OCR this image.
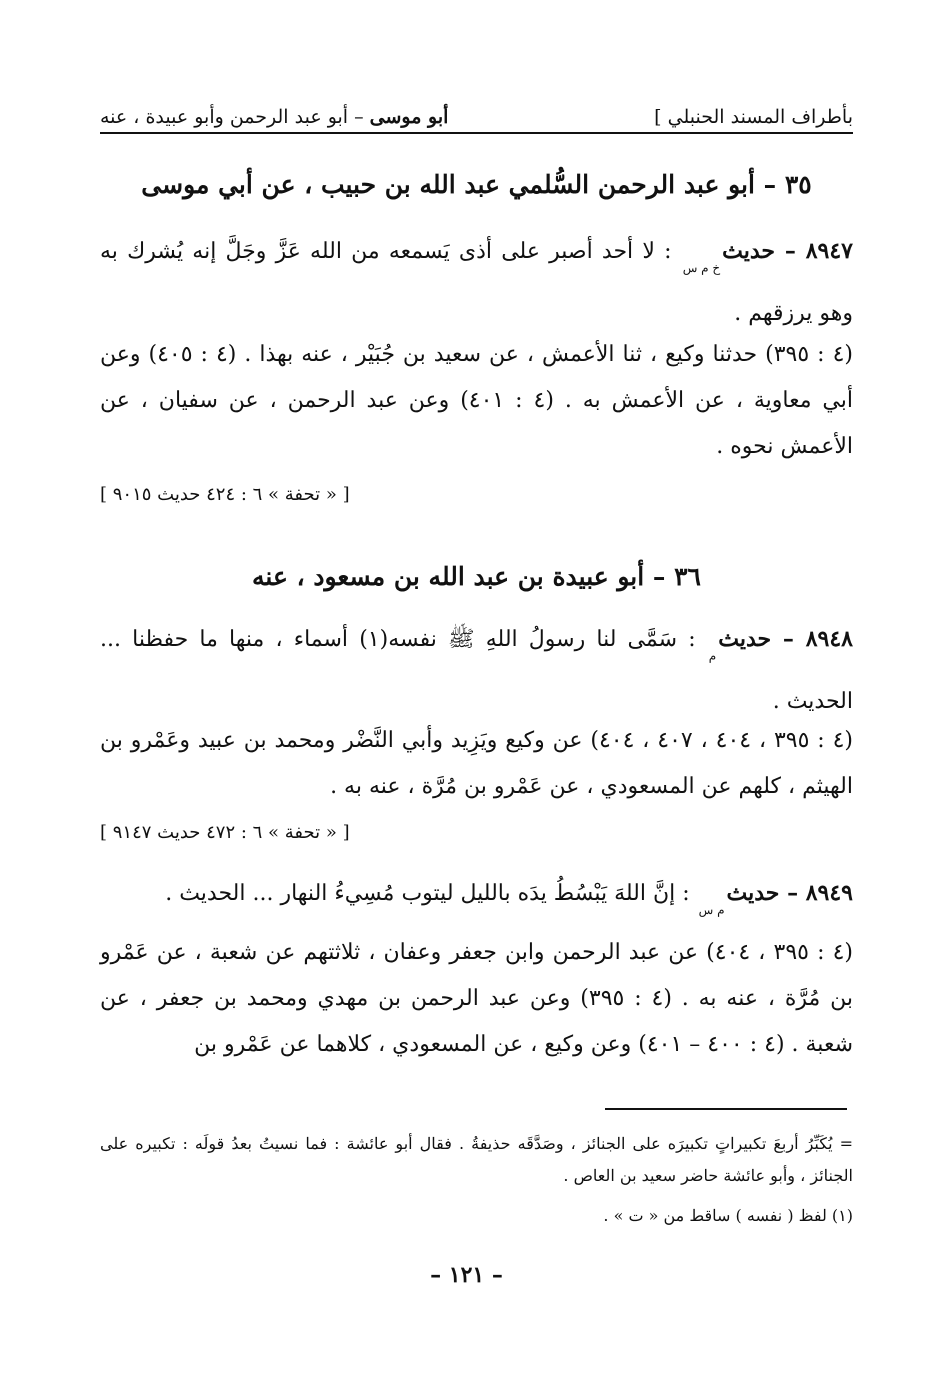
بأطراف المسند الحنبلي ]
أبو موسى – أبو عبد الرحمن وأبو عبيدة ، عنه
٣٥ – أبو عبد الرحمن السُّلمي عبد الله بن حبيب ، عن أبي موسى
٨٩٤٧ – حديثخ م س : لا أحد أصبر على أذى يَسمعه من الله عَزَّ وجَلَّ إنه يُشرك به وهو يرزقهم .
(٤ : ٣٩٥) حدثنا وكيع ، ثنا الأعمش ، عن سعيد بن جُبَيْر ، عنه بهذا . (٤ : ٤٠٥) وعن أبي معاوية ، عن الأعمش به . (٤ : ٤٠١) وعن عبد الرحمن ، عن سفيان ، عن الأعمش نحوه .
[ « تحفة » ٦ : ٤٢٤ حديث ٩٠١٥ ]
٣٦ – أبو عبيدة بن عبد الله بن مسعود ، عنه
٨٩٤٨ – حديثم : سَمَّى لنا رسولُ اللهِ ﷺ نفسه(١) أسماء ، منها ما حفظنا ... الحديث .
(٤ : ٣٩٥ ، ٤٠٤ ، ٤٠٧ ، ٤٠٤) عن وكيع ويَزِيد وأبي النَّضْر ومحمد بن عبيد وعَمْرو بن الهيثم ، كلهم عن المسعودي ، عن عَمْرو بن مُرَّة ، عنه به .
[ « تحفة » ٦ : ٤٧٢ حديث ٩١٤٧ ]
٨٩٤٩ – حديثم س : إنَّ اللهَ يَبْسُطُ يدَه بالليل ليتوب مُسِيءُ النهار ... الحديث .
(٤ : ٣٩٥ ، ٤٠٤) عن عبد الرحمن وابن جعفر وعفان ، ثلاثتهم عن شعبة ، عن عَمْرو بن مُرَّة ، عنه به . (٤ : ٣٩٥) وعن عبد الرحمن بن مهدي ومحمد بن جعفر ، عن شعبة . (٤ : ٤٠٠ – ٤٠١) وعن وكيع ، عن المسعودي ، كلاهما عن عَمْرو بن
= يُكَبِّرُ أربعَ تكبيراتٍ تكبيرَه على الجنائز ، وصَدَّقَه حذيفةُ . فقال أبو عائشة : فما نسيتُ بعدُ قولَه : تكبيره على الجنائز ، وأبو عائشة حاضر سعيد بن العاص .
(١) لفظ ( نفسه ) ساقط من « ت » .
– ١٢١ –
